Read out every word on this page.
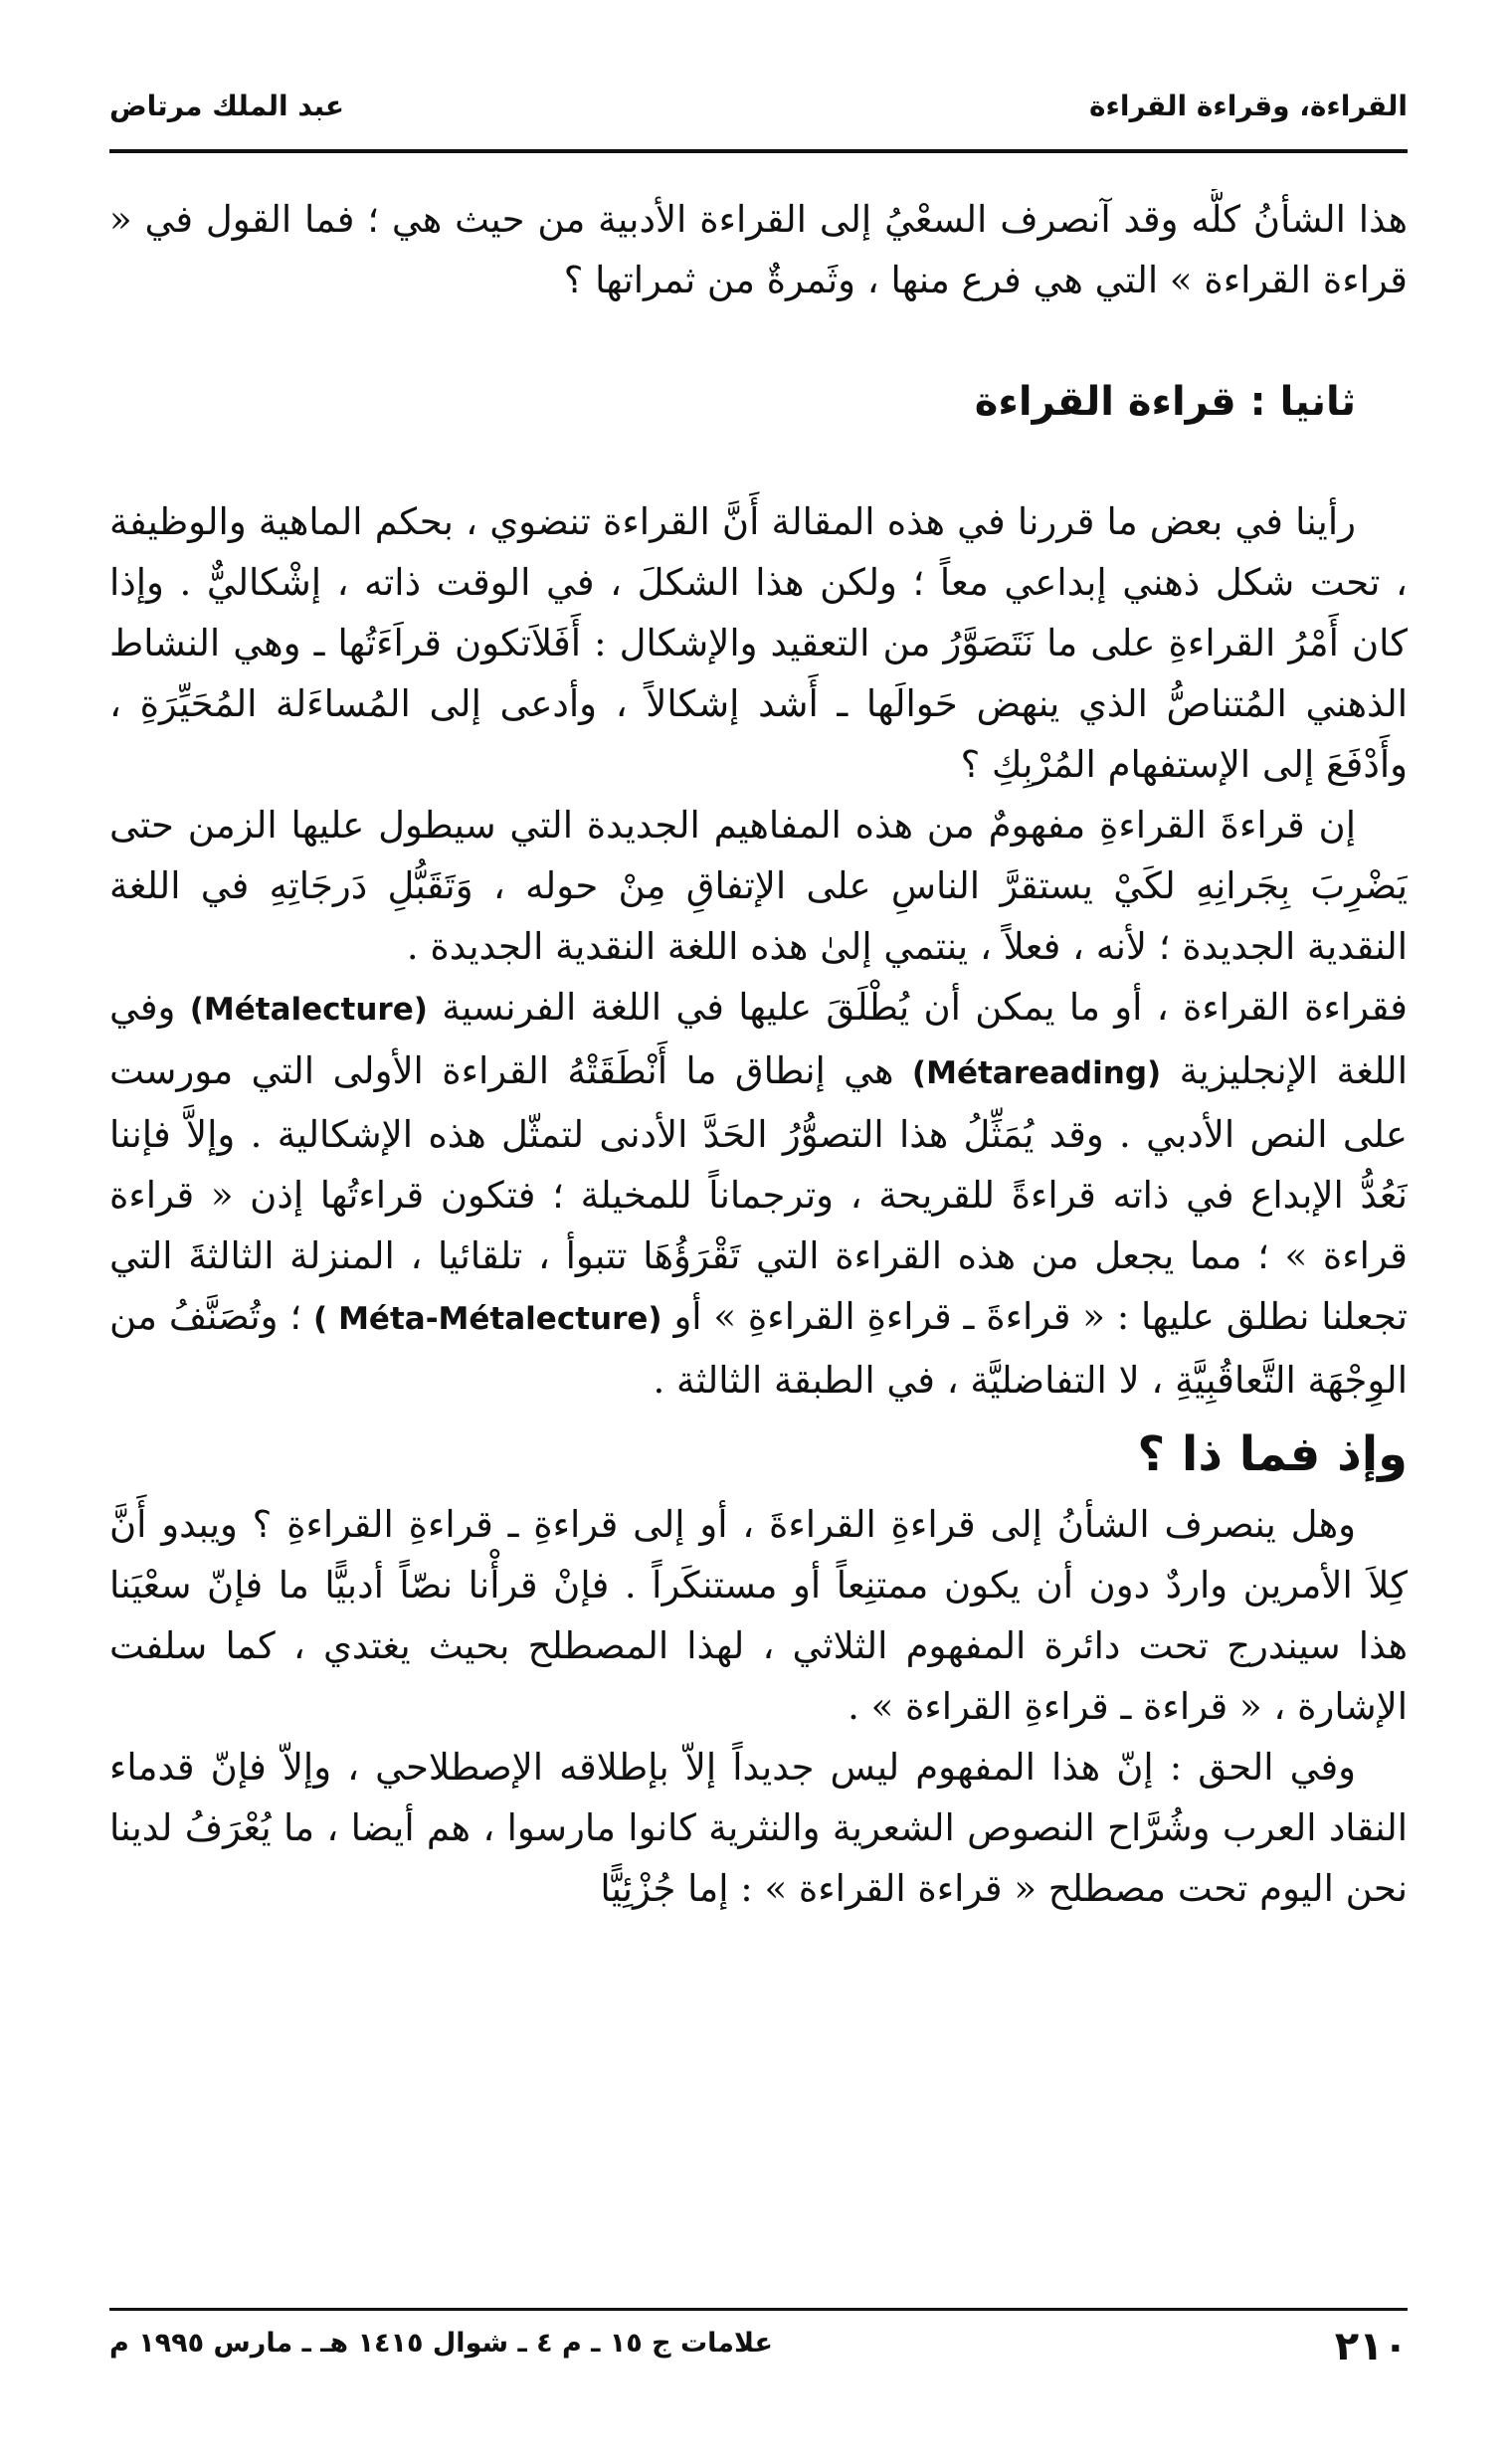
القراءة، وقراءة القراءة
عبد الملك مرتاض

هذا الشأنُ كلُّه وقد آنصرف السعْيُ إلى القراءة الأدبية من حيث هي ؛ فما القول في « قراءة القراءة » التي هي فرع منها ، وثَمرةٌ من ثمراتها ؟

ثانيا : قراءة القراءة

رأينا في بعض ما قررنا في هذه المقالة أَنَّ القراءة تنضوي ، بحكم الماهية والوظيفة ، تحت شكل ذهني إبداعي معاً ؛ ولكن هذا الشكلَ ، في الوقت ذاته ، إشْكاليٌّ . وإذا كان أَمْرُ القراءةِ على ما نَتَصَوَّرُ من التعقيد والإشكال : أَفَلاَتكون قراَءَتُها ـ وهي النشاط الذهني المُتناصُّ الذي ينهض حَوالَها ـ أَشد إشكالاً ، وأدعى إلى المُساءَلة المُحَيِّرَةِ ، وأَدْفَعَ إلى الإستفهام المُرْبِكِ ؟

إن قراءةَ القراءةِ مفهومٌ من هذه المفاهيم الجديدة التي سيطول عليها الزمن حتى يَضْرِبَ بِجَرانِهِ لكَيْ يستقرَّ الناسِ على الإتفاقِ مِنْ حوله ، وَتَقَبُّلِ دَرجَاتِهِ في اللغة النقدية الجديدة ؛ لأنه ، فعلاً ، ينتمي إلىٰ هذه اللغة النقدية الجديدة .

فقراءة القراءة ، أو ما يمكن أن يُطْلَقَ عليها في اللغة الفرنسية (Métalecture) وفي اللغة الإنجليزية (Métareading) هي إنطاق ما أَنْطَقَتْهُ القراءة الأولى التي مورست على النص الأدبي . وقد يُمَثِّلُ هذا التصوُّرُ الحَدَّ الأدنى لتمثّل هذه الإشكالية . وإلاَّ فإننا نَعُدُّ الإبداع في ذاته قراءةً للقريحة ، وترجماناً للمخيلة ؛ فتكون قراءتُها إذن « قراءة قراءة » ؛ مما يجعل من هذه القراءة التي تَقْرَؤُهَا تتبوأ ، تلقائيا ، المنزلة الثالثةَ التي تجعلنا نطلق عليها : « قراءةَ ـ قراءةِ القراءةِ » أو ( Méta-Métalecture) ؛ وتُصَنَّفُ من الوِجْهَة التَّعاقُبِيَّةِ ، لا التفاضليَّة ، في الطبقة الثالثة .

وإذ فما ذا ؟

وهل ينصرف الشأنُ إلى قراءةِ القراءةَ ، أو إلى قراءةِ ـ قراءةِ القراءةِ ؟ ويبدو أَنَّ كِلاَ الأمرين واردٌ دون أن يكون ممتنِعاً أو مستنكَراً . فإنْ قرأْنا نصّاً أدبيًّا ما فإنّ سعْيَنا هذا سيندرج تحت دائرة المفهوم الثلاثي ، لهذا المصطلح بحيث يغتدي ، كما سلفت الإشارة ، « قراءة ـ قراءةِ القراءة » .

وفي الحق : إنّ هذا المفهوم ليس جديداً إلاّ بإطلاقه الإصطلاحي ، وإلاّ فإنّ قدماء النقاد العرب وشُرَّاح النصوص الشعرية والنثرية كانوا مارسوا ، هم أيضا ، ما يُعْرَفُ لدينا نحن اليوم تحت مصطلح « قراءة القراءة » : إما جُزْئِيًّا

٢١٠
علامات ج ١٥ ـ م ٤ ـ شوال ١٤١٥ هـ ـ مارس ١٩٩٥ م
